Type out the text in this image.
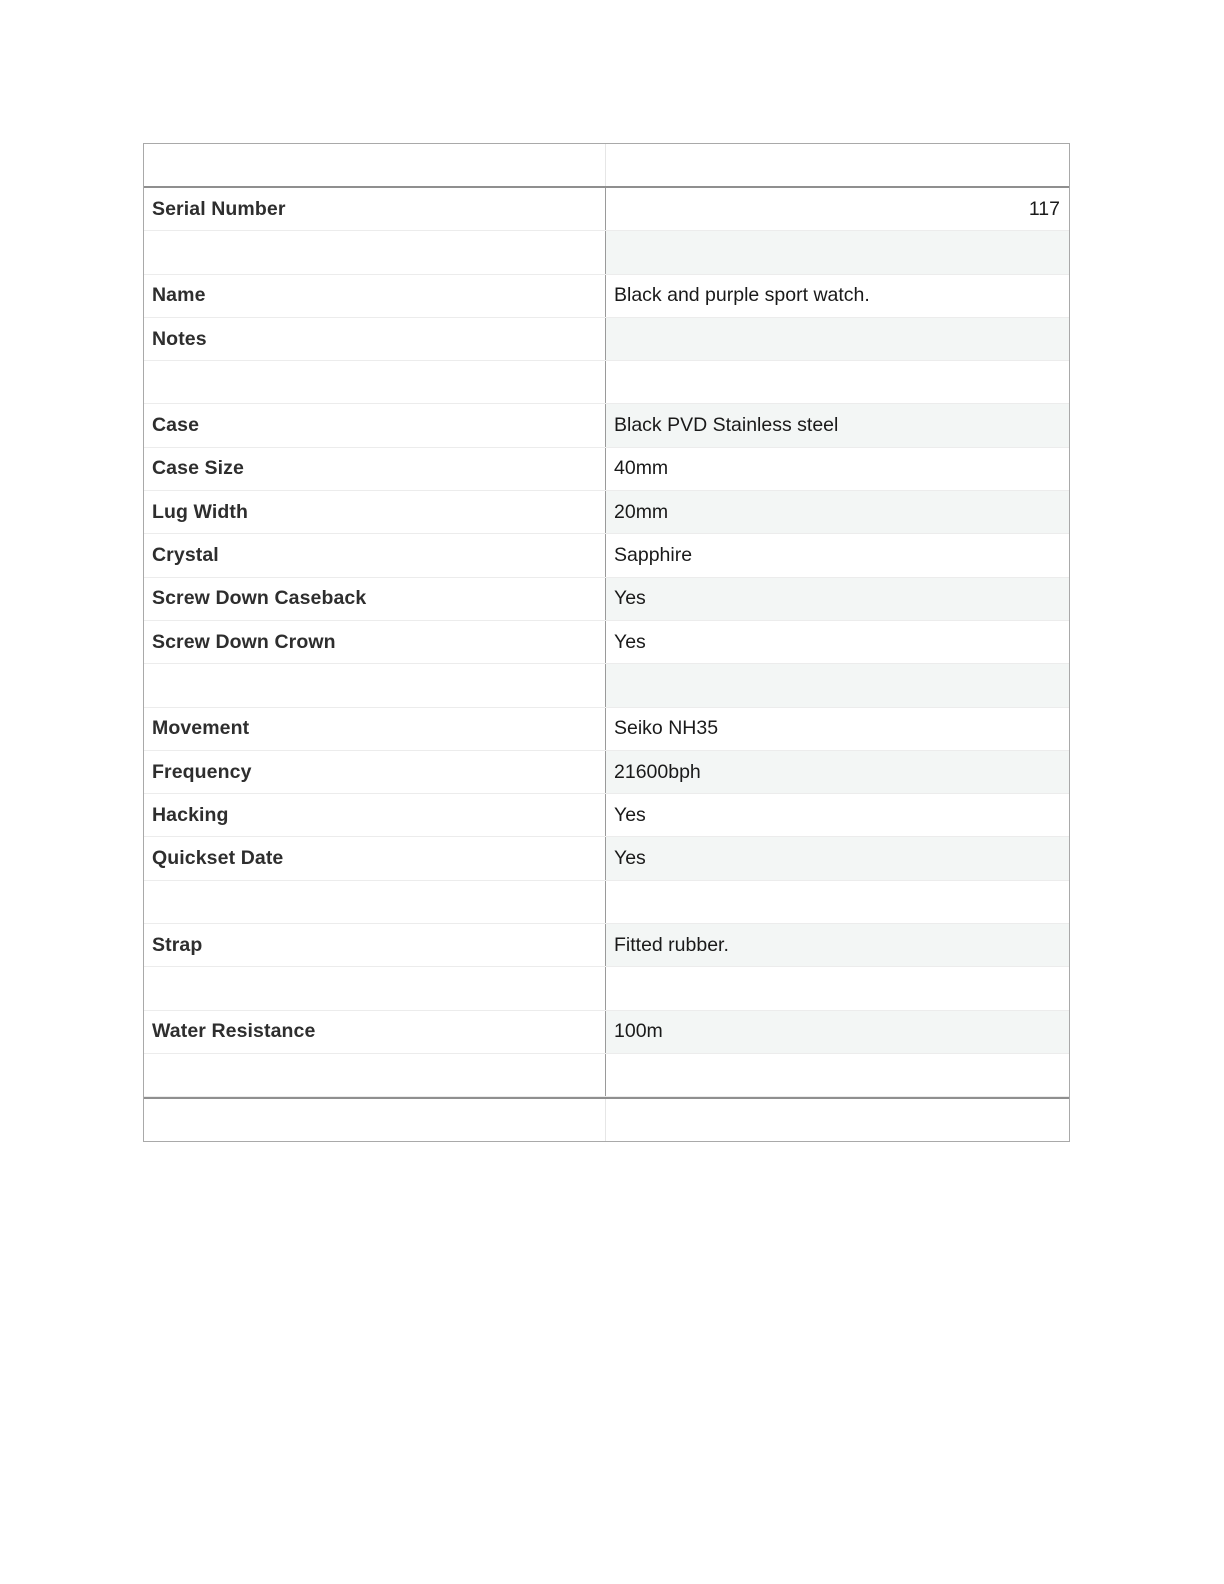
Serial Number	117
Name	Black and purple sport watch.
Notes
Case	Black PVD Stainless steel
Case Size	40mm
Lug Width	20mm
Crystal	Sapphire
Screw Down Caseback	Yes
Screw Down Crown	Yes
Movement	Seiko NH35
Frequency	21600bph
Hacking	Yes
Quickset Date	Yes
Strap	Fitted rubber.
Water Resistance	100m
